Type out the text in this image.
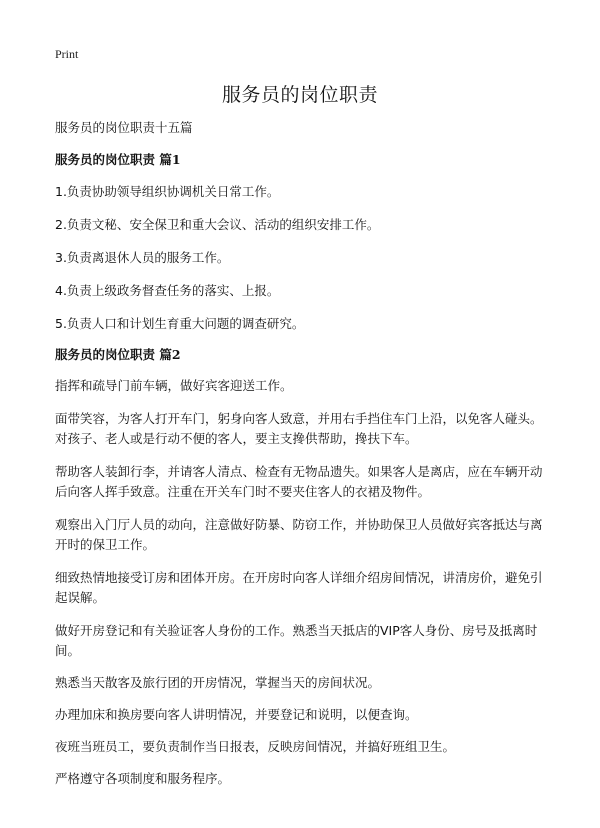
Print
服务员的岗位职责

服务员的岗位职责十五篇

服务员的岗位职责 篇1

1.负责协助领导组织协调机关日常工作。

2.负责文秘、安全保卫和重大会议、活动的组织安排工作。

3.负责离退休人员的服务工作。

4.负责上级政务督查任务的落实、上报。

5.负责人口和计划生育重大问题的调查研究。

服务员的岗位职责 篇2

指挥和疏导门前车辆，做好宾客迎送工作。

面带笑容，为客人打开车门，躬身向客人致意，并用右手挡住车门上沿，以免客人碰头。对孩子、老人或是行动不便的客人，要主支搀供帮助，搀扶下车。

帮助客人装卸行李，并请客人清点、检查有无物品遗失。如果客人是离店，应在车辆开动后向客人挥手致意。注重在开关车门时不要夹住客人的衣裙及物件。

观察出入门厅人员的动向，注意做好防暴、防窃工作，并协助保卫人员做好宾客抵达与离开时的保卫工作。

细致热情地接受订房和团体开房。在开房时向客人详细介绍房间情况，讲清房价，避免引起误解。

做好开房登记和有关验证客人身份的工作。熟悉当天抵店的VIP客人身份、房号及抵离时间。

熟悉当天散客及旅行团的开房情况，掌握当天的房间状况。

办理加床和换房要向客人讲明情况，并要登记和说明，以便查询。

夜班当班员工，要负责制作当日报表，反映房间情况，并搞好班组卫生。

严格遵守各项制度和服务程序。
